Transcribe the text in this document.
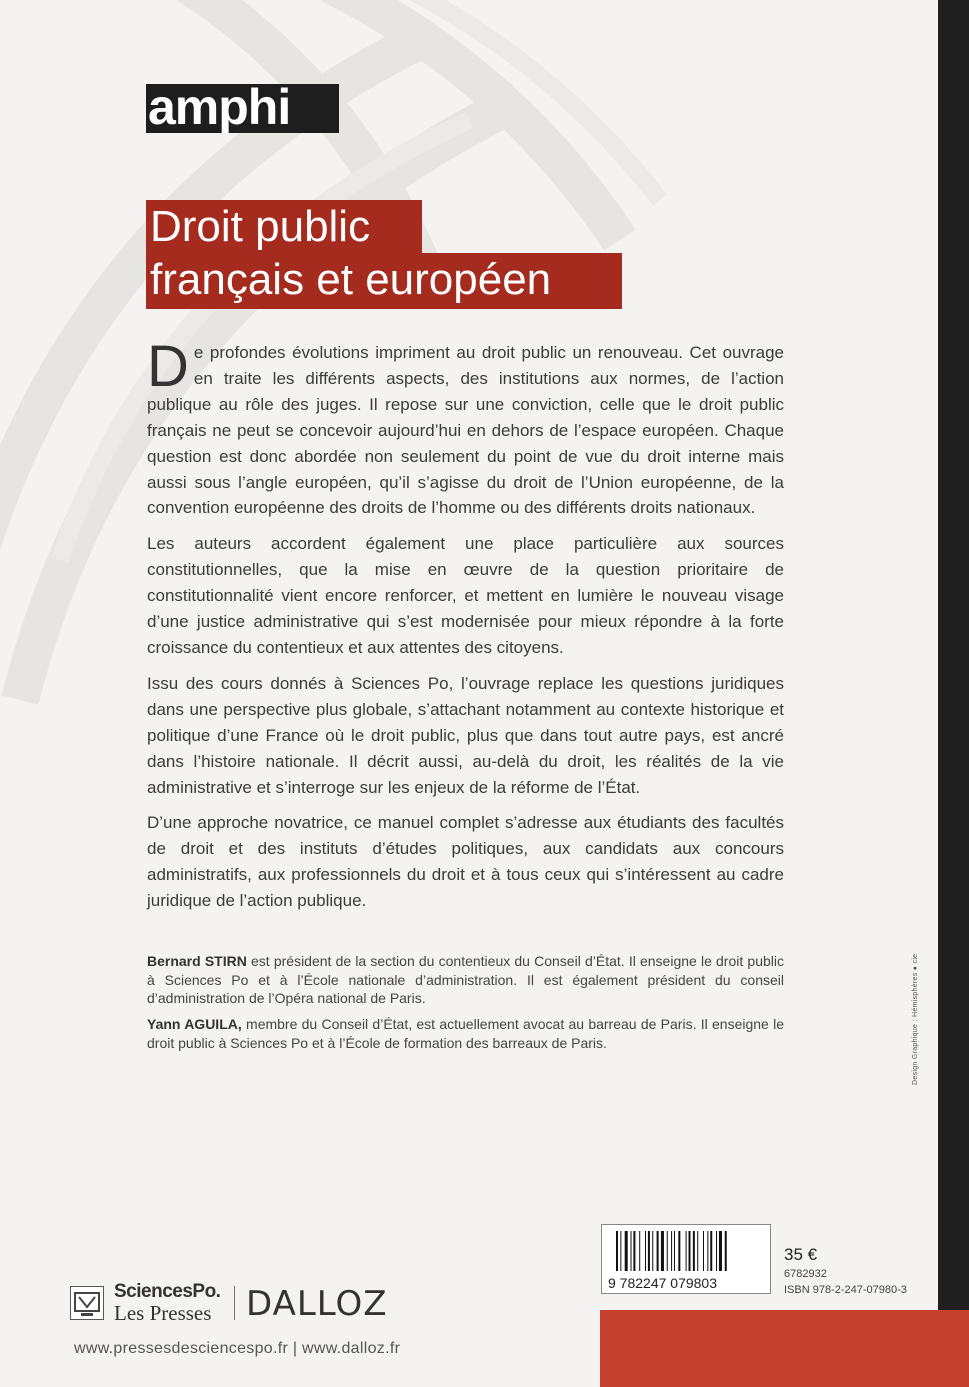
amphi
Droit public
français et européen

De profondes évolutions impriment au droit public un renouveau. Cet ouvrage en traite les différents aspects, des institutions aux normes, de l’action publique au rôle des juges. Il repose sur une conviction, celle que le droit public français ne peut se concevoir aujourd’hui en dehors de l’espace européen. Chaque question est donc abordée non seulement du point de vue du droit interne mais aussi sous l’angle européen, qu’il s’agisse du droit de l’Union européenne, de la convention européenne des droits de l’homme ou des différents droits nationaux.

Les auteurs accordent également une place particulière aux sources constitutionnelles, que la mise en œuvre de la question prioritaire de constitutionnalité vient encore renforcer, et mettent en lumière le nouveau visage d’une justice administrative qui s’est modernisée pour mieux répondre à la forte croissance du contentieux et aux attentes des citoyens.

Issu des cours donnés à Sciences Po, l’ouvrage replace les questions juridiques dans une perspective plus globale, s’attachant notamment au contexte historique et politique d’une France où le droit public, plus que dans tout autre pays, est ancré dans l’histoire nationale. Il décrit aussi, au-delà du droit, les réalités de la vie administrative et s’interroge sur les enjeux de la réforme de l’État.

D’une approche novatrice, ce manuel complet s’adresse aux étudiants des facultés de droit et des instituts d’études politiques, aux candidats aux concours administratifs, aux professionnels du droit et à tous ceux qui s’intéressent au cadre juridique de l’action publique.

Bernard STIRN est président de la section du contentieux du Conseil d’État. Il enseigne le droit public à Sciences Po et à l’École nationale d’administration. Il est également président du conseil d’administration de l’Opéra national de Paris.

Yann AGUILA, membre du Conseil d’État, est actuellement avocat au barreau de Paris. Il enseigne le droit public à Sciences Po et à l’École de formation des barreaux de Paris.	Design Graphique : Hémisphères ● cie
9 782247 079803
35 €
6782932
ISBN 978-2-247-07980-3
SciencesPo.
Les Presses DALLOZ
www.pressesdesciencespo.fr | www.dalloz.fr
